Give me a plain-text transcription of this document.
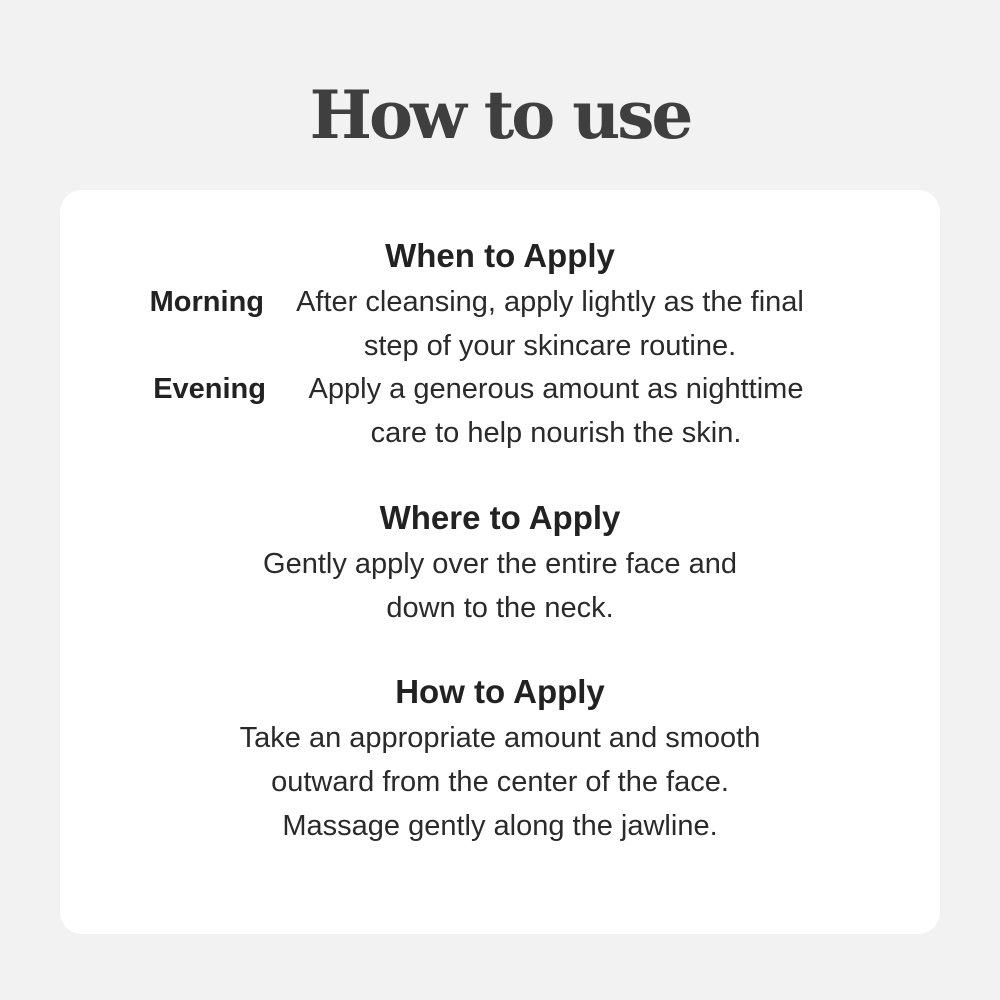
How to use
When to Apply
Morning	After cleansing, apply lightly as the final
step of your skincare routine.
Evening	Apply a generous amount as nighttime
care to help nourish the skin.
Where to Apply
Gently apply over the entire face and
down to the neck.
How to Apply
Take an appropriate amount and smooth
outward from the center of the face.
Massage gently along the jawline.
